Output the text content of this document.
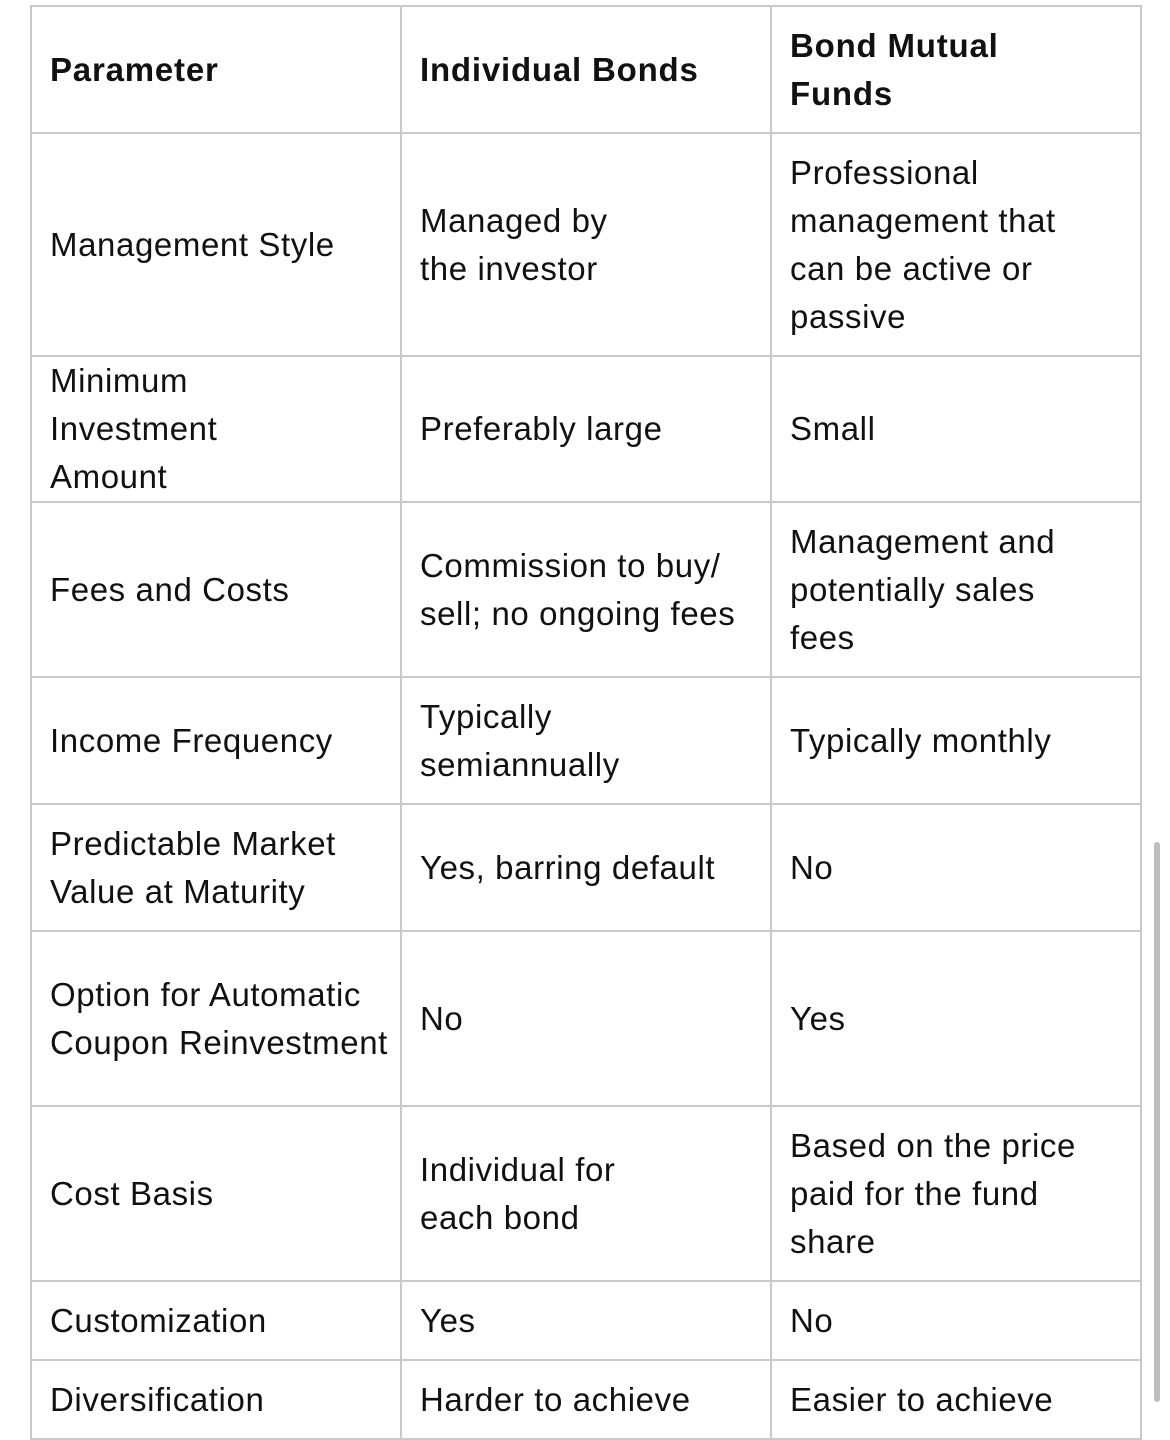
Parameter	Individual Bonds	Bond Mutual Funds
Management Style	Managed by the investor	Professional management that can be active or passive
Minimum Investment Amount	Preferably large	Small
Fees and Costs	Commission to buy/ sell; no ongoing fees	Management and potentially sales fees
Income Frequency	Typically semiannually	Typically monthly
Predictable Market Value at Maturity	Yes, barring default	No
Option for Automatic Coupon Reinvestment	No	Yes
Cost Basis	Individual for each bond	Based on the price paid for the fund share
Customization	Yes	No
Diversification	Harder to achieve	Easier to achieve
